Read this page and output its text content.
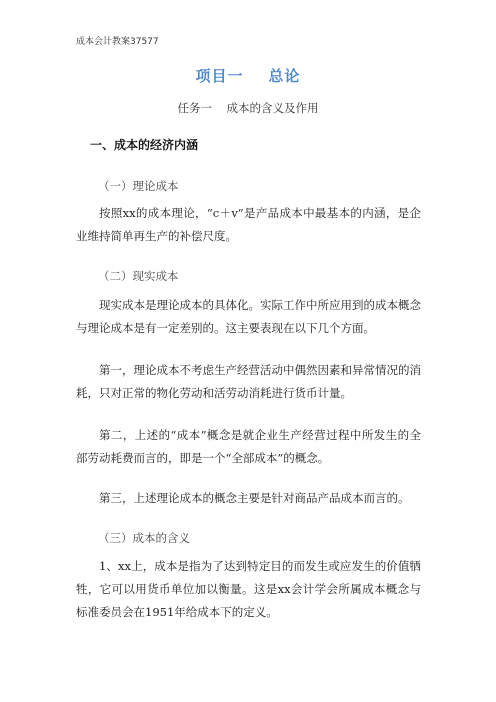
成本会计教案37577
项目一    总论
任务一    成本的含义及作用
一、成本的经济内涵
（一）理论成本
按照xx的成本理论，“c＋v”是产品成本中最基本的内涵，是企业维持简单再生产的补偿尺度。
（二）现实成本
现实成本是理论成本的具体化。实际工作中所应用到的成本概念与理论成本是有一定差别的。这主要表现在以下几个方面。
第一，理论成本不考虑生产经营活动中偶然因素和异常情况的消耗，只对正常的物化劳动和活劳动消耗进行货币计量。
第二，上述的“成本”概念是就企业生产经营过程中所发生的全部劳动耗费而言的，即是一个“全部成本”的概念。
第三，上述理论成本的概念主要是针对商品产品成本而言的。
（三）成本的含义
1、xx上，成本是指为了达到特定目的而发生或应发生的价值牺牲，它可以用货币单位加以衡量。这是xx会计学会所属成本概念与标准委员会在1951年给成本下的定义。
